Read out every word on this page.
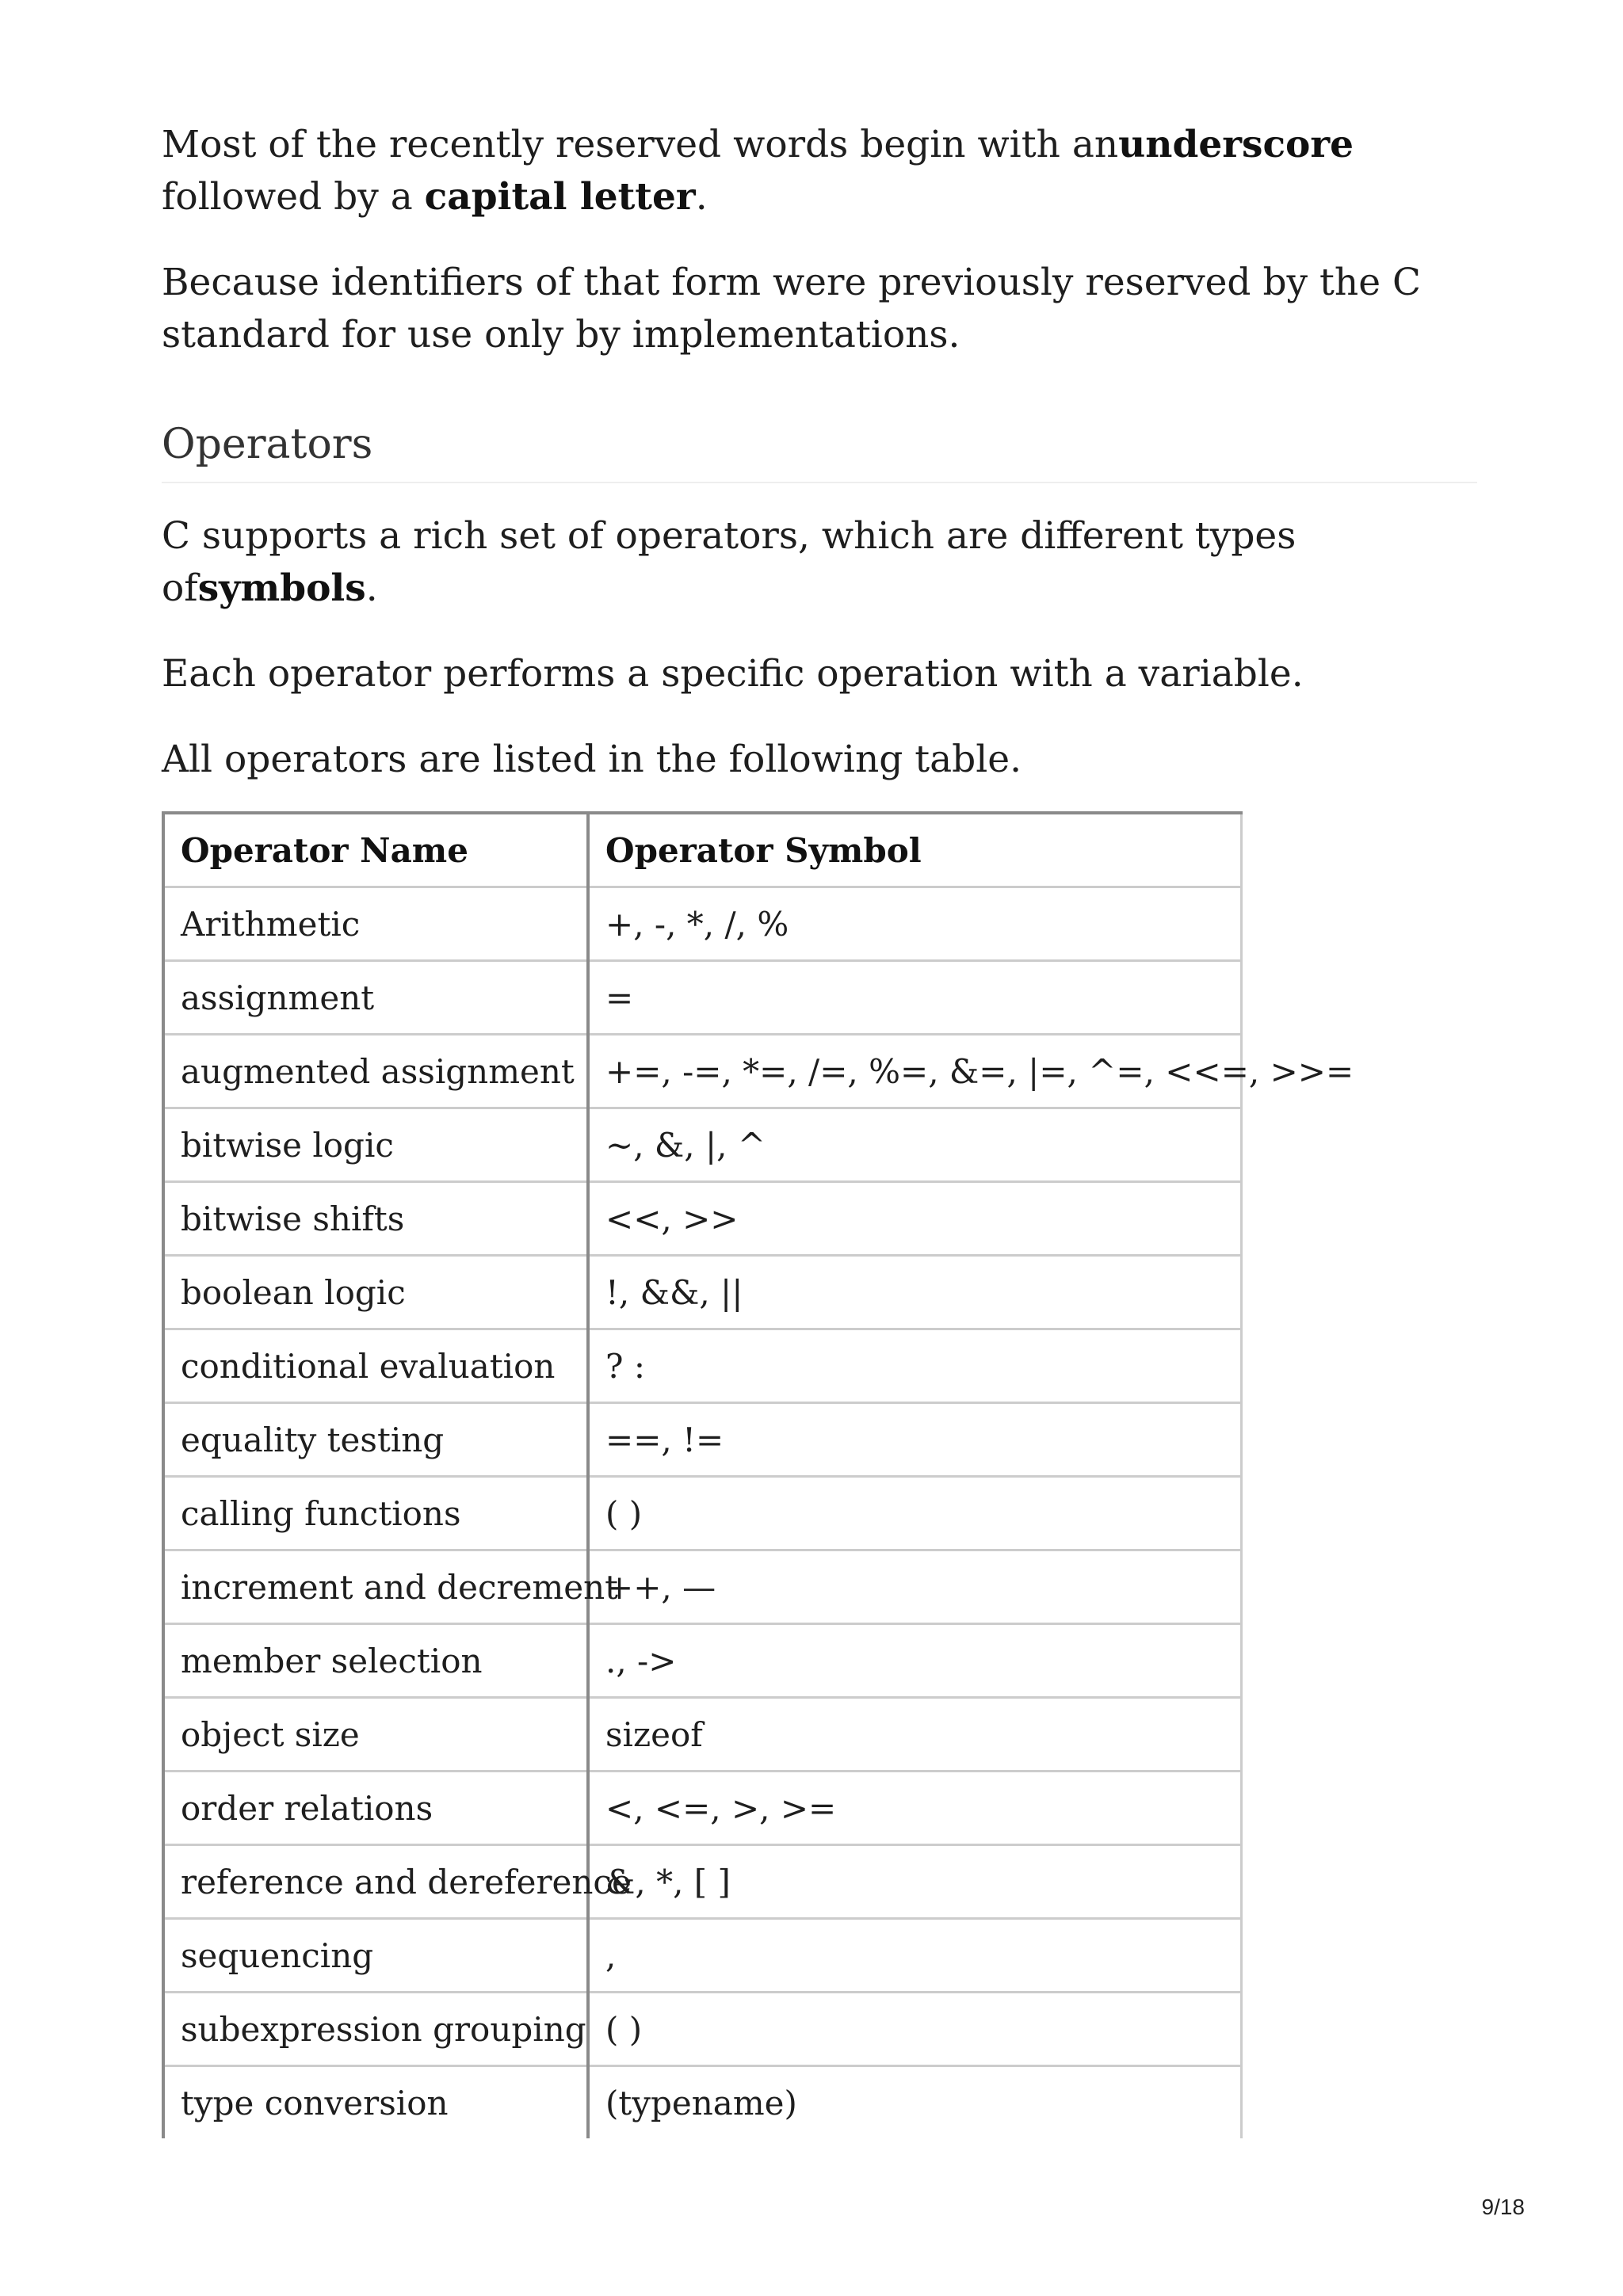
Most of the recently reserved words begin with anunderscore followed by a capital letter.

Because identifiers of that form were previously reserved by the C standard for use only by implementations.

Operators

C supports a rich set of operators, which are different types ofsymbols.

Each operator performs a specific operation with a variable.

All operators are listed in the following table.

Operator Name	Operator Symbol
Arithmetic	+, -, *, /, %
assignment	=
augmented assignment	+=, -=, *=, /=, %=, &=, |=, ^=, <<=, >>=
bitwise logic	~, &, |, ^
bitwise shifts	<<, >>
boolean logic	!, &&, ||
conditional evaluation	? :
equality testing	==, !=
calling functions	( )
increment and decrement	++, —
member selection	., ->
object size	sizeof
order relations	<, <=, >, >=
reference and dereference	&, *, [ ]
sequencing	,
subexpression grouping	( )
type conversion	(typename)
9/18
